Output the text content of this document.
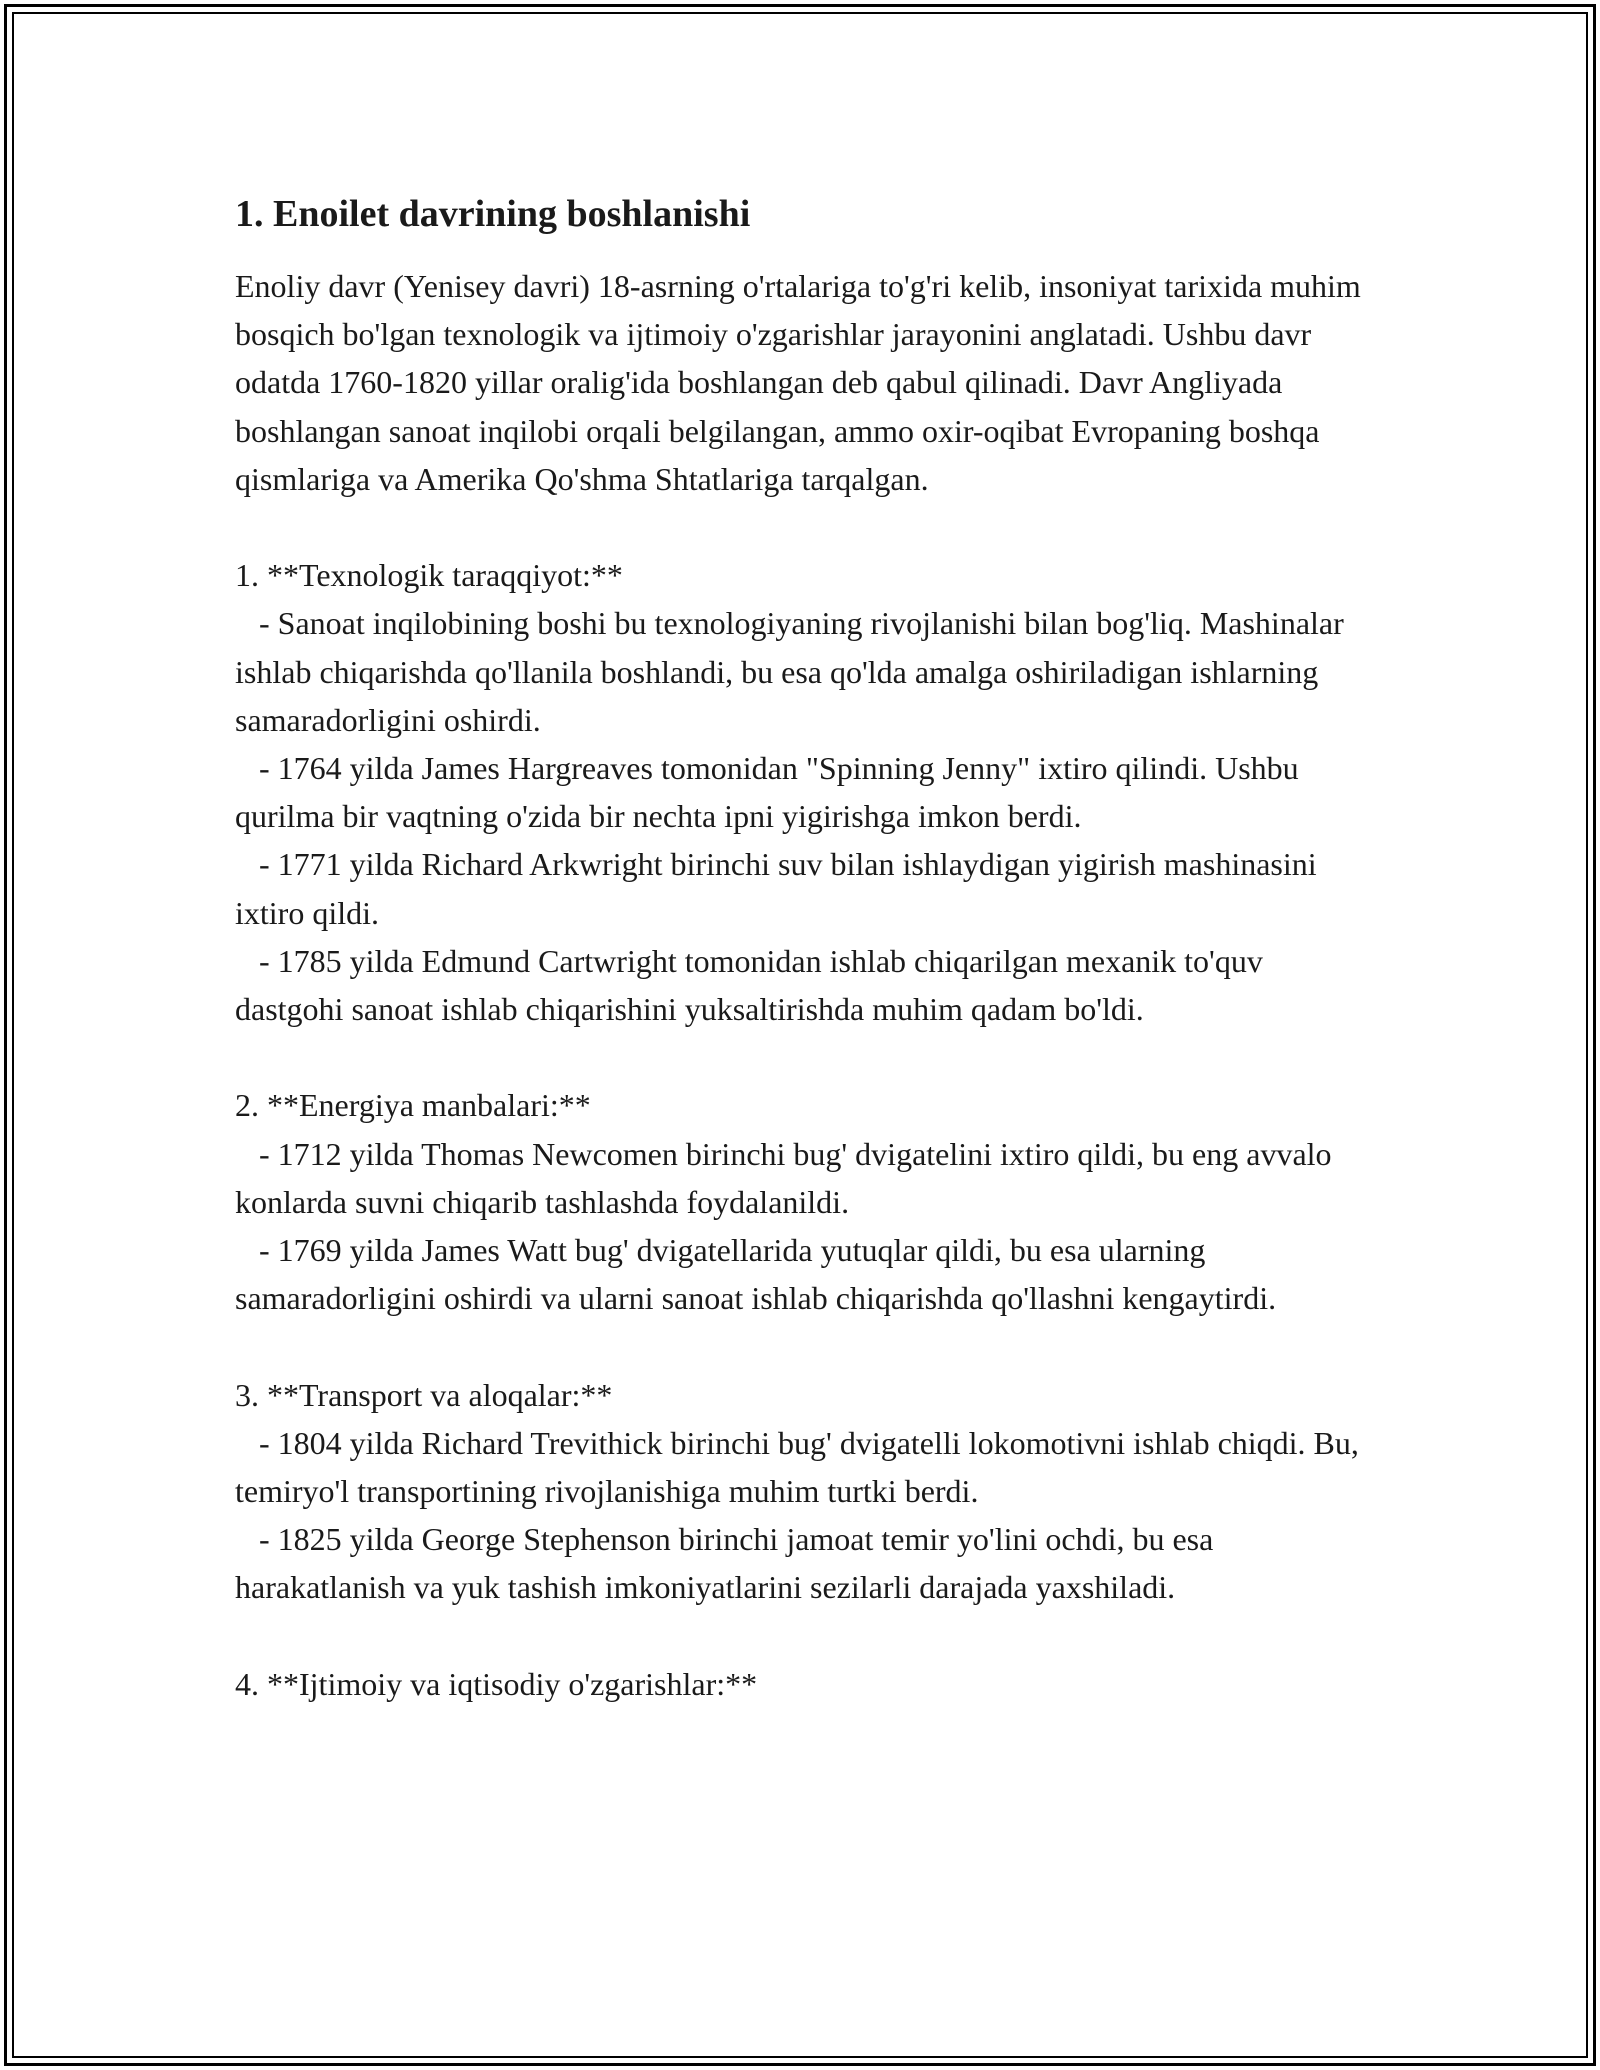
1. Enoilet davrining boshlanishi

Enoliy davr (Yenisey davri) 18-asrning o'rtalariga to'g'ri kelib, insoniyat tarixida muhim bosqich bo'lgan texnologik va ijtimoiy o'zgarishlar jarayonini anglatadi. Ushbu davr odatda 1760-1820 yillar oralig'ida boshlangan deb qabul qilinadi. Davr Angliyada boshlangan sanoat inqilobi orqali belgilangan, ammo oxir-oqibat Evropaning boshqa qismlariga va Amerika Qo'shma Shtatlariga tarqalgan.

1. **Texnologik taraqqiyot:**

- Sanoat inqilobining boshi bu texnologiyaning rivojlanishi bilan bog'liq. Mashinalar ishlab chiqarishda qo'llanila boshlandi, bu esa qo'lda amalga oshiriladigan ishlarning samaradorligini oshirdi.

- 1764 yilda James Hargreaves tomonidan "Spinning Jenny" ixtiro qilindi. Ushbu qurilma bir vaqtning o'zida bir nechta ipni yigirishga imkon berdi.

- 1771 yilda Richard Arkwright birinchi suv bilan ishlaydigan yigirish mashinasini ixtiro qildi.

- 1785 yilda Edmund Cartwright tomonidan ishlab chiqarilgan mexanik to'quv dastgohi sanoat ishlab chiqarishini yuksaltirishda muhim qadam bo'ldi.

2. **Energiya manbalari:**

- 1712 yilda Thomas Newcomen birinchi bug' dvigatelini ixtiro qildi, bu eng avvalo konlarda suvni chiqarib tashlashda foydalanildi.

- 1769 yilda James Watt bug' dvigatellarida yutuqlar qildi, bu esa ularning samaradorligini oshirdi va ularni sanoat ishlab chiqarishda qo'llashni kengaytirdi.

3. **Transport va aloqalar:**

- 1804 yilda Richard Trevithick birinchi bug' dvigatelli lokomotivni ishlab chiqdi. Bu, temiryo'l transportining rivojlanishiga muhim turtki berdi.

- 1825 yilda George Stephenson birinchi jamoat temir yo'lini ochdi, bu esa harakatlanish va yuk tashish imkoniyatlarini sezilarli darajada yaxshiladi.

4. **Ijtimoiy va iqtisodiy o'zgarishlar:**
